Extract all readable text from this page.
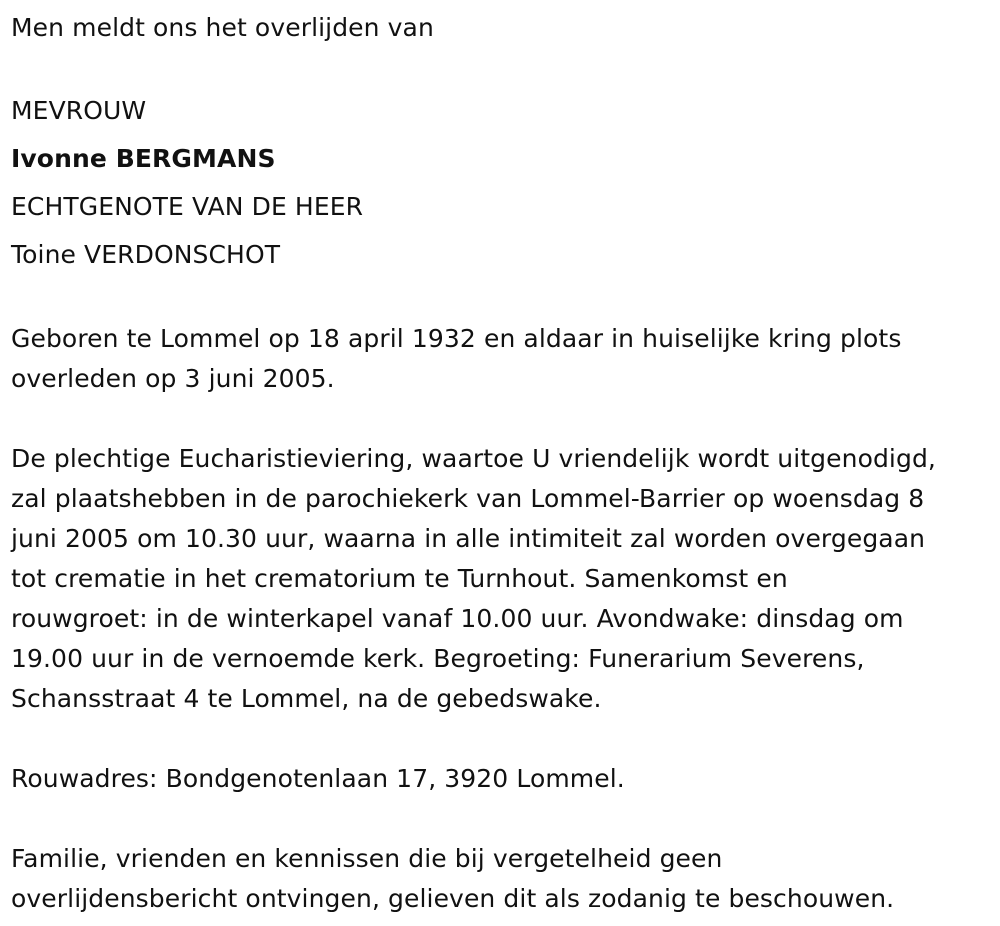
Men meldt ons het overlijden van

MEVROUW

Ivonne BERGMANS

ECHTGENOTE VAN DE HEER

Toine VERDONSCHOT

Geboren te Lommel op 18 april 1932 en aldaar in huiselijke kring plots

overleden op 3 juni 2005.

De plechtige Eucharistieviering, waartoe U vriendelijk wordt uitgenodigd,

zal plaatshebben in de parochiekerk van Lommel-Barrier op woensdag 8

juni 2005 om 10.30 uur, waarna in alle intimiteit zal worden overgegaan

tot crematie in het crematorium te Turnhout. Samenkomst en

rouwgroet: in de winterkapel vanaf 10.00 uur. Avondwake: dinsdag om

19.00 uur in de vernoemde kerk. Begroeting: Funerarium Severens,

Schansstraat 4 te Lommel, na de gebedswake.

Rouwadres: Bondgenotenlaan 17, 3920 Lommel.

Familie, vrienden en kennissen die bij vergetelheid geen

overlijdensbericht ontvingen, gelieven dit als zodanig te beschouwen.
